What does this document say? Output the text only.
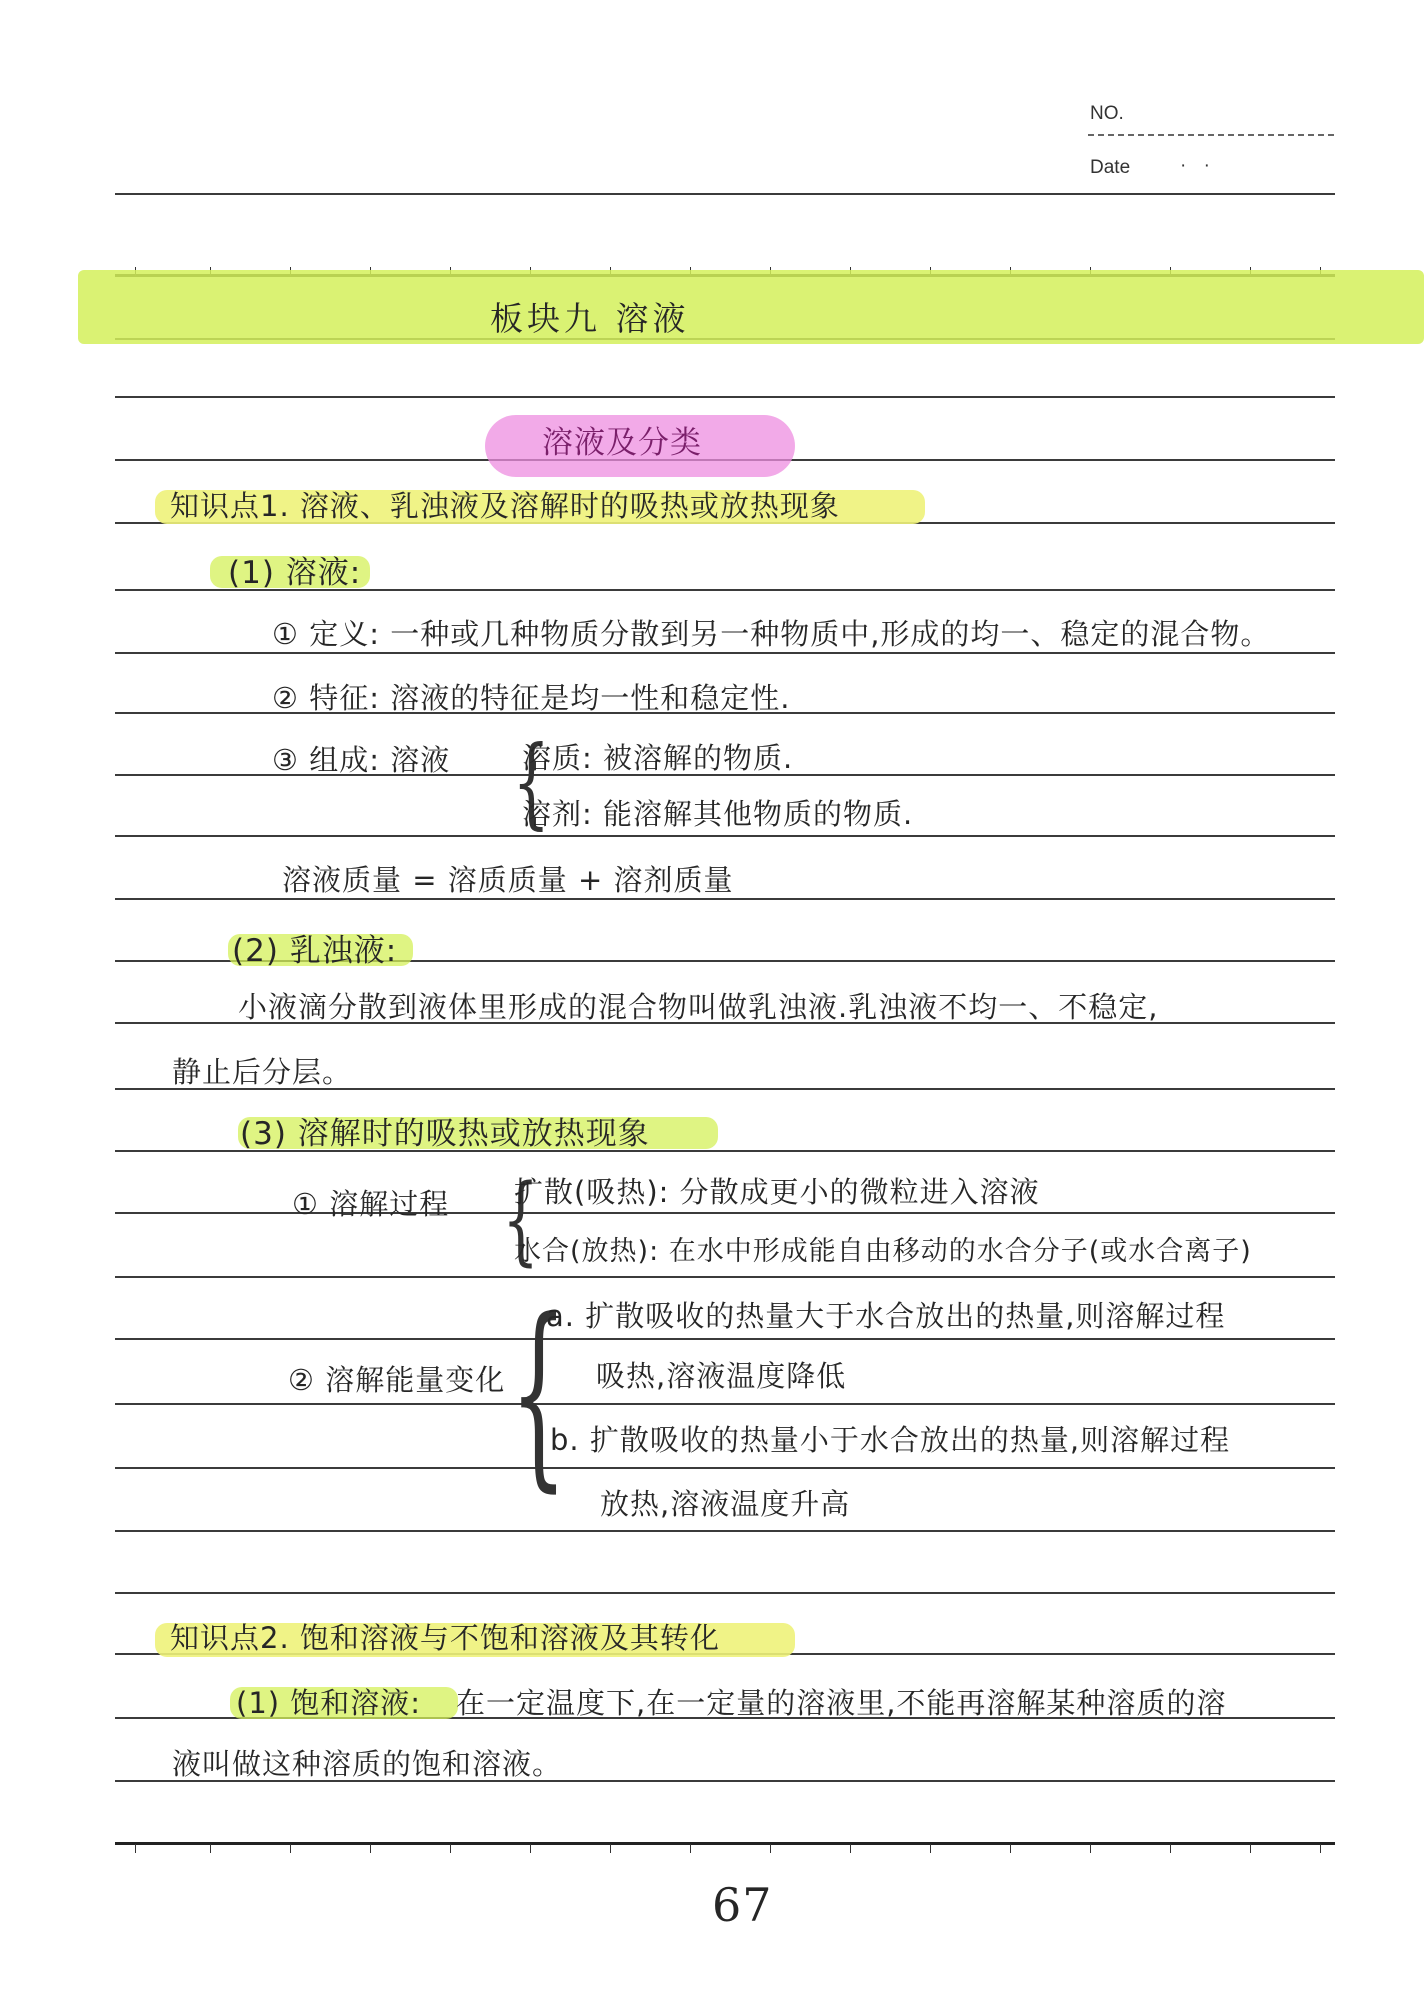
NO.
Date	· ·
板块九 溶液
溶液及分类
知识点1. 溶液、乳浊液及溶解时的吸热或放热现象
(1) 溶液:
① 定义: 一种或几种物质分散到另一种物质中,形成的均一、稳定的混合物。
② 特征: 溶液的特征是均一性和稳定性.
③ 组成: 溶液 {
溶质: 被溶解的物质.
溶剂: 能溶解其他物质的物质.
溶液质量 = 溶质质量 + 溶剂质量
(2) 乳浊液:
小液滴分散到液体里形成的混合物叫做乳浊液.乳浊液不均一、不稳定,
静止后分层。
(3) 溶解时的吸热或放热现象
① 溶解过程 {
扩散(吸热): 分散成更小的微粒进入溶液
水合(放热): 在水中形成能自由移动的水合分子(或水合离子)
② 溶解能量变化 {
a. 扩散吸收的热量大于水合放出的热量,则溶解过程
吸热,溶液温度降低
b. 扩散吸收的热量小于水合放出的热量,则溶解过程
放热,溶液温度升高
知识点2. 饱和溶液与不饱和溶液及其转化
(1) 饱和溶液: 在一定温度下,在一定量的溶液里,不能再溶解某种溶质的溶
液叫做这种溶质的饱和溶液。
67
